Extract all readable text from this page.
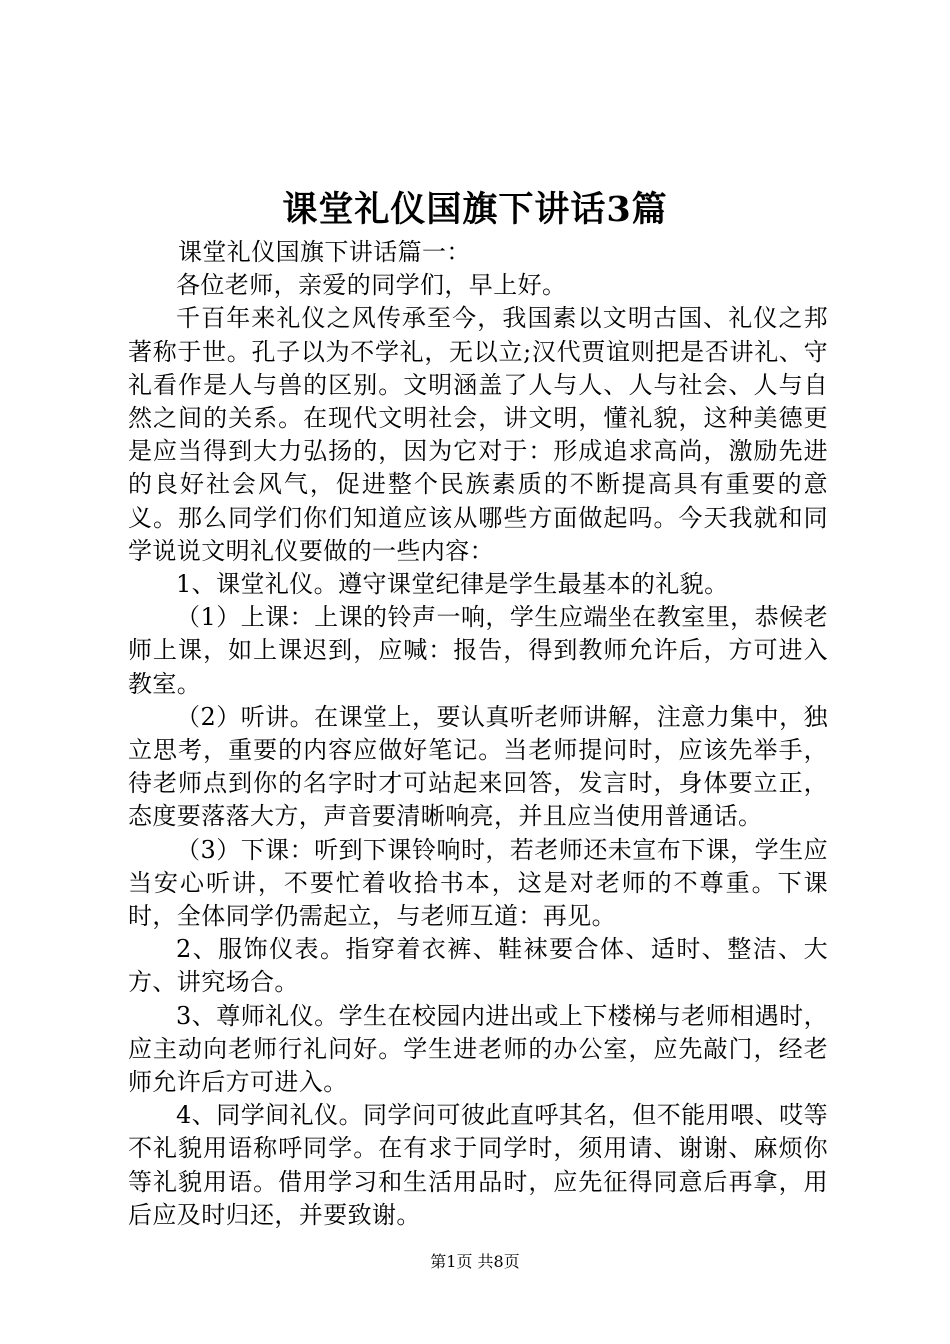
课堂礼仪国旗下讲话3篇

课堂礼仪国旗下讲话篇一：

各位老师，亲爱的同学们，早上好。

千百年来礼仪之风传承至今，我国素以文明古国、礼仪之邦著称于世。孔子以为不学礼，无以立;汉代贾谊则把是否讲礼、守礼看作是人与兽的区别。文明涵盖了人与人、人与社会、人与自然之间的关系。在现代文明社会，讲文明，懂礼貌，这种美德更是应当得到大力弘扬的，因为它对于：形成追求高尚，激励先进的良好社会风气，促进整个民族素质的不断提高具有重要的意义。那么同学们你们知道应该从哪些方面做起吗。今天我就和同学说说文明礼仪要做的一些内容：

1、课堂礼仪。遵守课堂纪律是学生最基本的礼貌。

（1）上课：上课的铃声一响，学生应端坐在教室里，恭候老师上课，如上课迟到，应喊：报告，得到教师允许后，方可进入教室。

（2）听讲。在课堂上，要认真听老师讲解，注意力集中，独立思考，重要的内容应做好笔记。当老师提问时，应该先举手，待老师点到你的名字时才可站起来回答，发言时，身体要立正，态度要落落大方，声音要清晰响亮，并且应当使用普通话。

（3）下课：听到下课铃响时，若老师还未宣布下课，学生应当安心听讲，不要忙着收拾书本，这是对老师的不尊重。下课时，全体同学仍需起立，与老师互道：再见。

2、服饰仪表。指穿着衣裤、鞋袜要合体、适时、整洁、大方、讲究场合。

3、尊师礼仪。学生在校园内进出或上下楼梯与老师相遇时，应主动向老师行礼问好。学生进老师的办公室，应先敲门，经老师允许后方可进入。

4、同学间礼仪。同学问可彼此直呼其名，但不能用喂、哎等不礼貌用语称呼同学。在有求于同学时，须用请、谢谢、麻烦你等礼貌用语。借用学习和生活用品时，应先征得同意后再拿，用后应及时归还，并要致谢。

第1页 共8页
